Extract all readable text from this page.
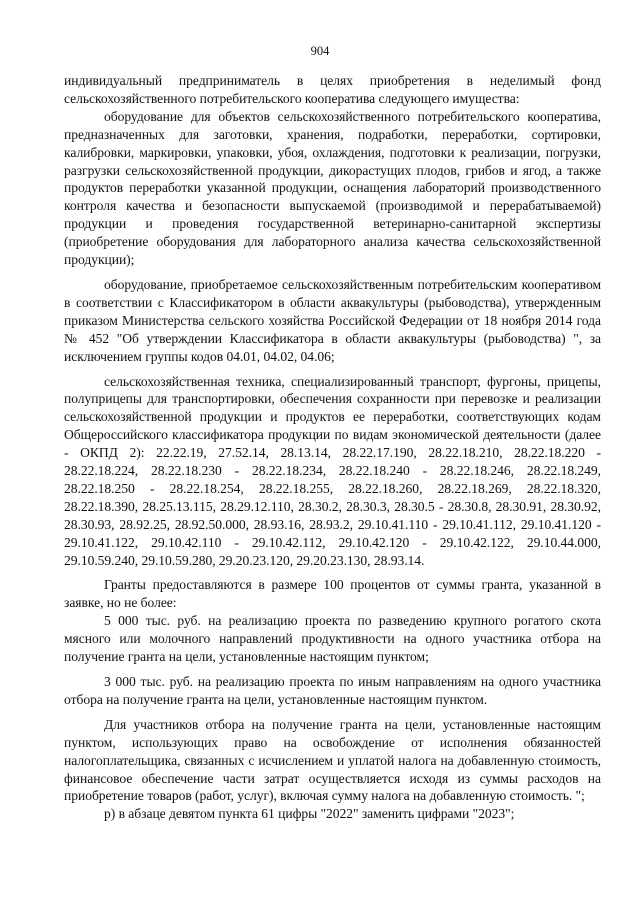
904

индивидуальный предприниматель в целях приобретения в неделимый фонд сельскохозяйственного потребительского кооператива следующего имущества:

оборудование для объектов сельскохозяйственного потребительского кооператива, предназначенных для заготовки, хранения, подработки, переработки, сортировки, калибровки, маркировки, упаковки, убоя, охлаждения, подготовки к реализации, погрузки, разгрузки сельскохозяйственной продукции, дикорастущих плодов, грибов и ягод, а также продуктов переработки указанной продукции, оснащения лабораторий производственного контроля качества и безопасности выпускаемой (производимой и перерабатываемой) продукции и проведения государственной ветеринарно-санитарной экспертизы (приобретение оборудования для лабораторного анализа качества сельскохозяйственной продукции);

оборудование, приобретаемое сельскохозяйственным потребительским кооперативом в соответствии с Классификатором в области аквакультуры (рыбоводства), утвержденным приказом Министерства сельского хозяйства Российской Федерации от 18 ноября 2014 года № 452 "Об утверждении Классификатора в области аквакультуры (рыбоводства) ", за исключением группы кодов 04.01, 04.02, 04.06;

сельскохозяйственная техника, специализированный транспорт, фургоны, прицепы, полуприцепы для транспортировки, обеспечения сохранности при перевозке и реализации сельскохозяйственной продукции и продуктов ее переработки, соответствующих кодам Общероссийского классификатора продукции по видам экономической деятельности (далее - ОКПД 2): 22.22.19, 27.52.14, 28.13.14, 28.22.17.190, 28.22.18.210, 28.22.18.220 - 28.22.18.224, 28.22.18.230 - 28.22.18.234, 28.22.18.240 - 28.22.18.246, 28.22.18.249, 28.22.18.250 - 28.22.18.254, 28.22.18.255, 28.22.18.260, 28.22.18.269, 28.22.18.320, 28.22.18.390, 28.25.13.115, 28.29.12.110, 28.30.2, 28.30.3, 28.30.5 - 28.30.8, 28.30.91, 28.30.92, 28.30.93, 28.92.25, 28.92.50.000, 28.93.16, 28.93.2, 29.10.41.110 - 29.10.41.112, 29.10.41.120 - 29.10.41.122, 29.10.42.110 - 29.10.42.112, 29.10.42.120 - 29.10.42.122, 29.10.44.000, 29.10.59.240, 29.10.59.280, 29.20.23.120, 29.20.23.130, 28.93.14.

Гранты предоставляются в размере 100 процентов от суммы гранта, указанной в заявке, но не более:

5 000 тыс. руб. на реализацию проекта по разведению крупного рогатого скота мясного или молочного направлений продуктивности на одного участника отбора на получение гранта на цели, установленные настоящим пунктом;

3 000 тыс. руб. на реализацию проекта по иным направлениям на одного участника отбора на получение гранта на цели, установленные настоящим пунктом.

Для участников отбора на получение гранта на цели, установленные настоящим пунктом, использующих право на освобождение от исполнения обязанностей налогоплательщика, связанных с исчислением и уплатой налога на добавленную стоимость, финансовое обеспечение части затрат осуществляется исходя из суммы расходов на приобретение товаров (работ, услуг), включая сумму налога на добавленную стоимость. ";

р) в абзаце девятом пункта 61 цифры "2022" заменить цифрами "2023";
